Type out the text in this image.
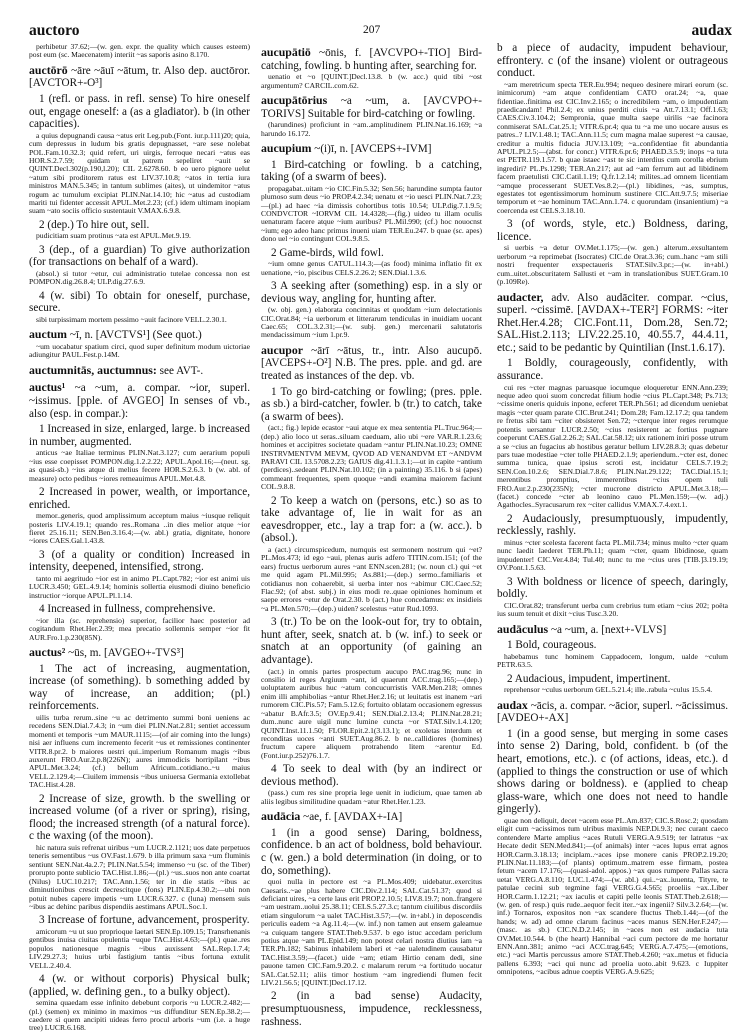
auctoro	207	audax

perhibetur 37.62;—(w. gen. expr. the quality which causes esteem) post eum (sc. Maecenatem) interiit ~as saporis asino 8.170.

auctōrō ~āre ~āuī ~ātum, tr. Also dep. auctōror. [AVCTOR+-O³]

1 (refl. or pass. in refl. sense) To hire oneself out, engage oneself: a (as a gladiator). b (in other capacities).

a quius depugnandi causa ~atus erit Leg.pub.(Font. iur.p.111)20; quia, cum depressus in ludum bis gratis depugnasset, ~are sese nolebat POL.Fam.10.32.3; quid refert, uri uirgis, ferroque necari ~atus eas HOR.S.2.7.59; quidam ut patrem sepeliret ~auit se QUINT.Decl.302(p.190,l.20); CIL 2.6278.60. b eo uero pignore uelut ~atum sibi proditorem ratus est LIV.37.10.8; ~atos in tertia iura ministros MAN.5.345; in tantum sublimes (aites), ut uindemitor ~atus rogum ac tumulum excipiat PLIN.Nat.14.10; hic ~atus ad custodiam mariti tui fidenter accessit APUL.Met.2.23; (cf.) idem ultimam inopiam suam ~ato sociis officio sustentauit V.MAX.6.9.8.

2 (dep.) To hire out, sell.

pudicitiam suam protinus ~ata est APUL.Met.9.19.

3 (dep., of a guardian) To give authorization (for transactions on behalf of a ward).

(absol.) si tutor ~etur, cui administratio tutelae concessa non est POMPON.dig.26.8.4; ULP.dig.27.6.9.

4 (w. sibi) To obtain for oneself, purchase, secure.

sibi turpissimam mortem pessimo ~auit facinore VELL.2.30.1.

auctum ~ī, n. [AVCTVS¹] (See quot.)

~um uocabatur spatium circi, quod super definitum modum uictoriae adiungitur PAUL.Fest.p.14M.

auctumnitās, auctumnus: see AVT-.

auctus¹ ~a ~um, a. compar. ~ior, superl. ~issimus. [pple. of AVGEO] In senses of vb., also (esp. in compar.):

1 Increased in size, enlarged, large. b increased in number, augmented.

anticus ~ae Italiae terminus PLIN.Nat.3.127; cum aerarium populi ~ius esse coepisset POMPON.dig.1.2.2.22; APUL.Apol.16;—(neut. sg. as quasi-sb.) ~ius atque di melius fecere HOR.S.2.6.3. b (w. abl. of measure) octo pedibus ~iores remeauimus APUL.Met.4.8.

2 Increased in power, wealth, or importance, enriched.

memor..generis, quod amplissimum acceptum maius ~iusque reliquit posteris LIV.4.19.1; quando res..Romana ..in dies melior atque ~ior fieret 25.16.11; SEN.Ben.3.16.4;—(w. abl.) gratia, dignitate, honore ~iores CAES.Gal.1.43.8.

3 (of a quality or condition) Increased in intensity, deepened, intensified, strong.

tanto mi aegritudo ~ior est in animo PL.Capt.782; ~ior est animi uis LUCR.3.450; GEL.4.9.14; hominis sollertia eiusmodi diuino beneficio instructior ~iorque APUL.Pl.1.14.

4 Increased in fullness, comprehensive.

~ior illa (sc. reprehensio) superior, facilior haec posterior ad cogitandum Rhet.Her.2.39; mea precatio sollemnis semper ~ior fit AUR.Fro.1.p.230(85N).

auctus² ~ūs, m. [AVGEO+-TVS³]

1 The act of increasing, augmentation, increase (of something). b something added by way of increase, an addition; (pl.) reinforcements.

uilis turba rerum..sine ~u ac detrimento summi boni ueniens ac recedens SEN.Dial.7.4.3; in ~um diei PLIN.Nat.2.81; sentiet accessum momenti et temporis ~um MAUR.1115;—(of air coming into the lungs) nisi aer influens cum incremento fecerit ~us et remissiones continenter VITR.8.pr.2. b maiores uestri qui..imperium Romanum magis ~ibus auxerunt FRO.Aur.2.p.8(226N); aures immodicis horripilant ~ibus APUL.Met.3.24; (cf.) bellum Africum..cotidiano..~u maius VELL.2.129.4;—Ciuilem immensis ~ibus uniuersa Germania extollebat TAC.Hist.4.28.

2 Increase of size, growth. b the swelling or increased volume (of a river or spring), rising, flood; the increased strength (of a natural force). c the waxing (of the moon).

hic natura suis refrenat uiribus ~um LUCR.2.1121; uos date perpetuos teneris sementibus ~us OV.Fast.1.679. b illa primum saxa ~um fluminis sentiunt SEN.Nat.4a.2.7; PLIN.Nat.5.54; immenso ~u (sc. of the Tiber) prorupto ponte sublicio TAC.Hist.1.86;—(pl.) ~us..suos non ante coartat (Nilus) LUC.10.217; TAC.Ann.1.56; ter in die statis ~ibus ac diminutionibus crescit decrescitque (fons) PLIN.Ep.4.30.2;—ubi non potuit nubes capere impetis ~um LUCR.6.327. c (luna) mensem suis ~ibus ac dehinc paribus dispendiis aestimans APUL.Soc.1.

3 Increase of fortune, advancement, prosperity.

amicorum ~u ut suo proprioque laetari SEN.Ep.109.15; Transrhenanis gentibus inuisa ciuitas opulentia ~uque TAC.Hist.4.63;—(pl.) quae..res populos nationesque magnis ~ibus auxissent SAL.Rep.1.7.4; LIV.29.27.3; huius urbi fastigium tantis ~ibus fortuna extulit VELL.2.40.4.

4 (w. or without corporis) Physical bulk; (applied, w. defining gen., to a bulky object).

semina quaedam esse infinito debebunt corporis ~u LUCR.2.482;—(pl.) (semen) ex minimo in maximos ~us diffunditur SEN.Ep.38.2;—caedere si quem ancipiti uideas ferro procul arboris ~um (i.e. a huge tree) LUCR.6.168.

aucupātiō ~ōnis, f. [AVCVPO+-TIO] Bird-catching, fowling. b hunting after, searching for.

uenatio et ~o [QUINT.]Decl.13.8. b (w. acc.) quid tibi ~ost argumentum? CARCIL.com.62.

aucupātōrius ~a ~um, a. [AVCVPO+-TORIVS] Suitable for bird-catching or fowling.

(harundines) proficiunt in ~am..amplitudinem PLIN.Nat.16.169; ~a harundo 16.172.

aucupium ~(i)ī, n. [AVCEPS+-IVM]

1 Bird-catching or fowling. b a catching, taking (of a swarm of bees).

propagabat..uitam ~io CIC.Fin.5.32; Sen.56; harundine sumpta fautor plumoso sum deus ~io PROP.4.2.34; uenatu et ~io uesci PLIN.Nat.7.23;—(pl.) ad haec ~ia dimissis cohortibus totis 10.54; ULP.dig.7.1.9.5; CONDVCTOR ~IORVM CIL 14.4328;—(fig.) uideo tu illam oculis uenaturam facere atque ~ium auribus? PL.Mil.990; (cf.) hoc nouocnst ~ium; ego adeo hanc primus inueni uiam TER.Eu.247. b quae (sc. apes) dono uel ~io contingunt COL.9.8.5.

2 Game-birds, wild fowl.

~ium omne genus CATUL.114.3;—(as food) minima inflatio fit ex uenatione, ~io, piscibus CELS.2.26.2; SEN.Dial.1.3.6.

3 A seeking after (something) esp. in a sly or devious way, angling for, hunting after.

(w. obj. gen.) elaborata concinnitas et quoddam ~ium delectationis CIC.Orat.84; ~ia uerborum et litterarum tendiculas in inuidiam uocant Caec.65; COL.3.2.31;—(w. subj. gen.) mercenarii salutatoris mendacissimum ~ium 1.pr.9.

aucupor ~ārī ~ātus, tr., intr. Also aucupō. [AVCEPS+-O²] N.B. The pres. pple. and gd. are treated as instances of the dep. vb.

1 To go bird-catching or fowling; (pres. pple. as sb.) a bird-catcher, fowler. b (tr.) to catch, take (a swarm of bees).

(act.; fig.) lepide ecastor ~aui atque ex mea sententia PL.Truc.964;—(dep.) alio loco ut seras..siluam caeduam, alio ubi ~ere VAR.R.1.23.6; homines et accipitres societate quadam ~antur PLIN.Nat.10.23; OMNE INSTRVMENTVM MEVM, QVOD AD VENANDVM ET ~ANDVM PARAVI CIL 13.5708.2.23; GAIUS dig.41.1.3.1;—ut in capite ~antium (perdices)..sedeant PLIN.Nat.10.102; (in a painting) 35.116. b si (apes) commeant frequentes, spem quoque ~andi examina maiorem faciunt COL.9.8.8.

2 To keep a watch on (persons, etc.) so as to take advantage of, lie in wait for as an eavesdropper, etc., lay a trap for: a (w. acc.). b (absol.).

a (act.) circumspicedum, numquis est sermonem nostrum qui ~et? PL.Mos.473; id ego ~aui, plenas auris adfero TITIN.com.151; (of the ears) fructus uerborum aures ~ant ENN.scen.281; (w. noun cl.) qui ~et me quid agam PL.Mil.995; As.881;—(dep.) sermo..familiaris et cotidianus non cohaerebit, si uerba inter nos ~abimur CIC.Caec.52; Flac.92; (of abst. subj.) in eius modi re..quae opiniones hominum et saepe errores ~etur de Orat.2.30. b (act.) hue concedamus: ex insidieis ~a PL.Men.570;—(dep.) uiden? scelestus ~atur Rud.1093.

3 (tr.) To be on the look-out for, try to obtain, hunt after, seek, snatch at. b (w. inf.) to seek or snatch at an opportunity (of gaining an advantage).

(act.) in omnis partes prospectum aucupo PAC.trag.96; nunc in consilio id reges Argiuum ~ant, id quaerunt ACC.trag.165;—(dep.) uoluptatem auribus huc ~atum concucurristis VAR.Men.218; omnes enim illi amphibolias ~antur Rhet.Her.2.16; ut leuitatis est inanem ~ari rumorem CIC.Pis.57; Fam.5.12.6; fortuito oblatam occasionem egressus ~abatur B.Afr.3.5; OV.Ep.9.41; SEN.Dial.2.13.4; PLIN.Nat.28.21; dum..nunc aure uigil nunc lumine cuncta ~or STAT.Silv.1.4.120; QUINT.Inst.11.1.50; FLOR.Epit.2.1(3.13.1); et exoletas interdum et reconditas uoces ~anti SUET.Aug.86.2. b ne..callidiores (homines) fructum capere aliquem protrahendo litem ~arentur Ed.(Font.iur.p.252)76.1.7.

4 To seek to deal with (by an indirect or devious method).

(pass.) cum res sine propria lege uenit in iudicium, quae tamen ab aliis legibus similitudine quadam ~atur Rhet.Her.1.23.

audācia ~ae, f. [AVDAX+-IA]

1 (in a good sense) Daring, boldness, confidence. b an act of boldness, bold behaviour. c (w. gen.) a bold determination (in doing, or to do, something).

quoi nulla in pectore est ~a PL.Mos.409; uidebatur..exercitus Caesaris..~ae plus habere CIC.Div.2.114; SAL.Cat.51.37; quod si deficiant uires, ~a certe laus erit PROP.2.10.5; LIV.8.19.7; non..frangere ~am uestram..uolui 25.38.11; CELS.5.27.3.c; tantum ciuilibus discordiis etiam singulorum ~a ualet TAC.Hist.3.57;—(w. in+abl.) in deposcendis periculis eadem ~a Ag.11.4;—(w. inf.) non tamen aut ensem galeamue ~a cuiquam tangere STAT.Theb.9.537. b ego istuc accedam periclum potius atque ~am PL.Epid.149; non potest celari nostra diutius iam ~a TER.Ph.182; Sabinus inhabilem laberi et ~ae ualetudinem causabatur TAC.Hist.3.59;—(facet.) uide ~am; etiam Hirtio cenam dedi, sine pauone tamen CIC.Fam.9.20.2. c malarum rerum ~a fortitudo uocatur SAL.Cat.52.11; aliis timor hostium ~am ingrediendi flumen fecit LIV.21.56.5; [QUINT.]Decl.17.12.

2 (in a bad sense) Audacity, presumptuousness, impudence, recklessness, rashness.

b a piece of audacity, impudent behaviour, effrontery. c (of the insane) violent or outrageous conduct.

~am meretricum specta TER.Eu.994; nequeo desinere mirari eorum (sc. inimicorum) ~am atque confidentiam CATO orat.24; ~a, quae fidentiae..finitima est CIC.Inv.2.165; o incredibilem ~am, o impudentiam praedicandam! Phil.2.4; ex unius perditi ciuis ~a Att.7.13.1; Off.1.63; CAES.Civ.3.104.2; Sempronia, quae multa saepe uirilis ~ae facinora conmiserat SAL.Cat.25.1; VITR.6.pr.4; qua tu ~a me uno uocare ausus es patres..? LIV.1.48.1; TAC.Ann.11.5; cum magna malae superest ~a causae, creditur a multis fiducia JUV.13.109; ~a..confidentiae fit abundantia APUL.Pl.2.5;—(abst. for concr.) VITR.6.pr.6; PHAED.3.5.9; inops ~a tuta est PETR.119.1.57. b quae istaec ~ast te sic interdius cum corolla ebrium ingrediri? PL.Ps.1298; TER.An.217; aut ad ~am ferrum aut ad libidinem facem praetulisti CIC.Catil.1.19; Q.fr.1.2.14; milites..ad omnem licentiam ~amque processerant SUET.Ves.8.2;—(pl.) libidines, ~as, sumptus, egestates tot egentissimorum hominum sustinere CIC.Att.9.7.5; miseriae temporum et ~ae hominum TAC.Ann.1.74. c quorundam (insanientium) ~a coercenda est CELS.3.18.10.

3 (of words, style, etc.) Boldness, daring, licence.

si uerbis ~a detur OV.Met.1.175;—(w. gen.) alterum..exsultantem uerborum ~a reprimebat (Isocrates) CIC.de Orat.3.36; cum..hanc ~am stili nostri frequenter exspectaueris STAT.Silv.3.pr.;—(w. in+abl.) cum..uitet..obscuritatem Sallusti et ~am in translationibus SUET.Gram.10 (p.109Re).

audacter, adv. Also audāciter. compar. ~cius, superl. ~cissimē. [AVDAX+-TER²] FORMS: ~iter Rhet.Her.4.28; CIC.Font.11, Dom.28, Sen.72; SAL.Hist.2.113; LIV.22.25.10, 40.55.7, 44.4.11, etc.; said to be pedantic by Quintilian (Inst.1.6.17).

1 Boldly, courageously, confidently, with assurance.

cui res ~cter magnas paruasque iocumque eloqueretur ENN.Ann.239; neque adeo quoi suom concredat filium hodie ~cius PL.Capt.348; Ps.713; ~cissime oneris quiduis inpone, ecferet TER.Ph.561; ad dicendum ueniebat magis ~cter quam parate CIC.Brut.241; Dom.28; Fam.12.17.2; qua tandem re fretus sibi tam ~citer obsisteret Sen.72; ~cterque inter reges rerumque potentis uersantur LUCR.2.50; ~cius resisterent ac fortius pugnare coeperunt CAES.Gal.2.26.2; SAL.Cat.58.12; uix rationem iniri posse utrum a se ~cius an fugacius ab hostibus geratur bellum LIV.28.8.3; quas debetur pars tuae modestiae ~cter tolle PHAED.2.1.9; aperiendum..~cter est, donec summa tunica, quae ipsius scroti est, incidatur CELS.7.19.2; SEN.Con.10.2.6; SEN.Dial.7.8.6; PLIN.Nat.29.122; TAC.Dial.15.1; merentibus promptius, immerentibus ~cius opem tuli FRO.Aur.2.p.230(235N); ~cter mucrone districto APUL.Met.3.18;—(facet.) concede ~cter ab leonino cauo PL.Men.159;—(w. adj.) Agathocles..Syracusarum rex ~citer callidus V.MAX.7.4.ext.1.

2 Audaciously, presumptuously, impudently, recklessly, rashly.

minus ~cter scelesta facerent facta PL.Mil.734; minus multo ~cter quam nunc laedit laederet TER.Ph.11; quam ~cter, quam libidinose, quam impudenter! CIC.Ver.4.84; Tul.40; nunc tu me ~cius ures [TIB.]3.19.19; OV.Pont.1.5.63.

3 With boldness or licence of speech, daringly, boldly.

CIC.Orat.82; transferunt uerba cum crebrius tum etiam ~cius 202; poëta ius suum tenuit et dixit ~cius Tusc.3.20.

audāculus ~a ~um, a. [next+-VLVS]

1 Bold, courageous.

habebamus tunc hominem Cappadocem, longum, ualde ~culum PETR.63.5.

2 Audacious, impudent, impertinent.

reprehensor ~culus uerborum GEL.5.21.4; ille..rabula ~culus 15.5.4.

audax ~ācis, a. compar. ~ācior, superl. ~ācissimus. [AVDEO+-AX]

1 (in a good sense, but merging in some cases into sense 2) Daring, bold, confident. b (of the heart, emotions, etc.). c (of actions, ideas, etc.). d (applied to things the construction or use of which shows daring or boldness). e (applied to cheap glass-ware, which one does not need to handle gingerly).

quae non deliquit, decet ~acem esse PL.Am.837; CIC.S.Rosc.2; quosdam eligit cum ~acissimos tum ulribus maximis NEP.Di.9.3; nec curant caeco contendere Marte amplius ~aces Rutuli VERG.A.9.519; ter latratus ~ax Hecate dedit SEN.Med.841;—(of animals) inter ~aces lupus errat agnos HOR.Carm.3.18.13; inciplam..~aces ipse monere canis PROP.2.19.20; PLIN.Nat.11.183;—(of plants) optimum..matrem esse firmam, postea fetum ~acem 17.176;—(quasi-adol. appos.) ~ax quos rumpere Pallas sacra uetat VERG.A.8.110; LUC.1.474;—(w. abl.) qui..~ax..iuuenta, Tityre, te patulae cecini sub tegmine fagi VERG.G.4.565; proeliis ~ax..Liber HOR.Carm.1.12.21; ~ax iaculis et capiti pelle leonis STAT.Theb.2.618;—(w. gen. of resp.) quis rude..aequor fecit iter..~ax ingenii? Silv.3.2.64;—(w. inf.) Tornaros, expositos non ~ax scandere fluctus Theb.1.44;—(of the hands; w. ad) ad omne clarum facinus ~aces manus SEN.Her.F.247;—(masc. as sb.) CIC.N.D.2.145; in ~aces non est audacia tuta OV.Met.10.544. b (the heart) Hannibal ~aci cum pectore de me hortatur ENN.Ann.381; animo ~aci ACC.trag.645; VERG.A.7.475;—(emotions, etc.) ~aci Martis percussus amore STAT.Theb.4.260; ~ax..metus et fiducia pallens 6.393; ~aci qui nunc ad proelia uoto..abit 9.623. c Iuppiter omnipotens, ~acibus adnue coeptis VERG.A.9.625;
